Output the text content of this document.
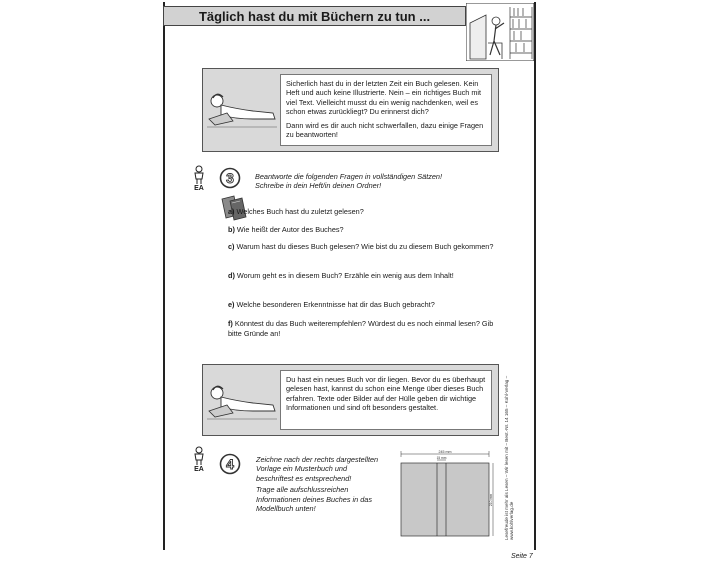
Täglich hast du mit Büchern zu tun ...

Sicherlich hast du in der letzten Zeit ein Buch gelesen. Kein Heft und auch keine Illustrierte. Nein – ein richtiges Buch mit viel Text. Vielleicht musst du ein wenig nachdenken, weil es schon etwas zurückliegt? Du erinnerst dich?

Dann wird es dir auch nicht schwerfallen, dazu einige Fragen zu beantworten!

EA
3	Beantworte die folgenden Fragen in vollständigen Sätzen!
Schreibe in dein Heft/in deinen Ordner!
a) Welches Buch hast du zuletzt gelesen?
b) Wie heißt der Autor des Buches?
c) Warum hast du dieses Buch gelesen? Wie bist du zu diesem Buch gekommen?
d) Worum geht es in diesem Buch? Erzähle ein wenig aus dem Inhalt!
e) Welche besonderen Erkenntnisse hat dir das Buch gebracht?
f) Könntest du das Buch weiterempfehlen? Würdest du es noch einmal lesen? Gib bitte Gründe an!

Du hast ein neues Buch vor dir liegen. Bevor du es überhaupt gelesen hast, kannst du schon eine Menge über dieses Buch erfahren. Texte oder Bilder auf der Hülle geben dir wichtige Informationen und sind oft besonders gestaltet.

EA	4	Zeichne nach der rechts dargestellten Vorlage ein Musterbuch und beschriftest es entsprechend!
Trage alle aufschlussreichen Informationen deines Buches in das Modellbuch unten!
245 mm
15 mm
210 mm Lesefreude ist mehr als Lesen – Wir lesen mit – Best.-Nr. 14 165 – Kohl-Verlag – www.kohlverlag.de
Seite 7
